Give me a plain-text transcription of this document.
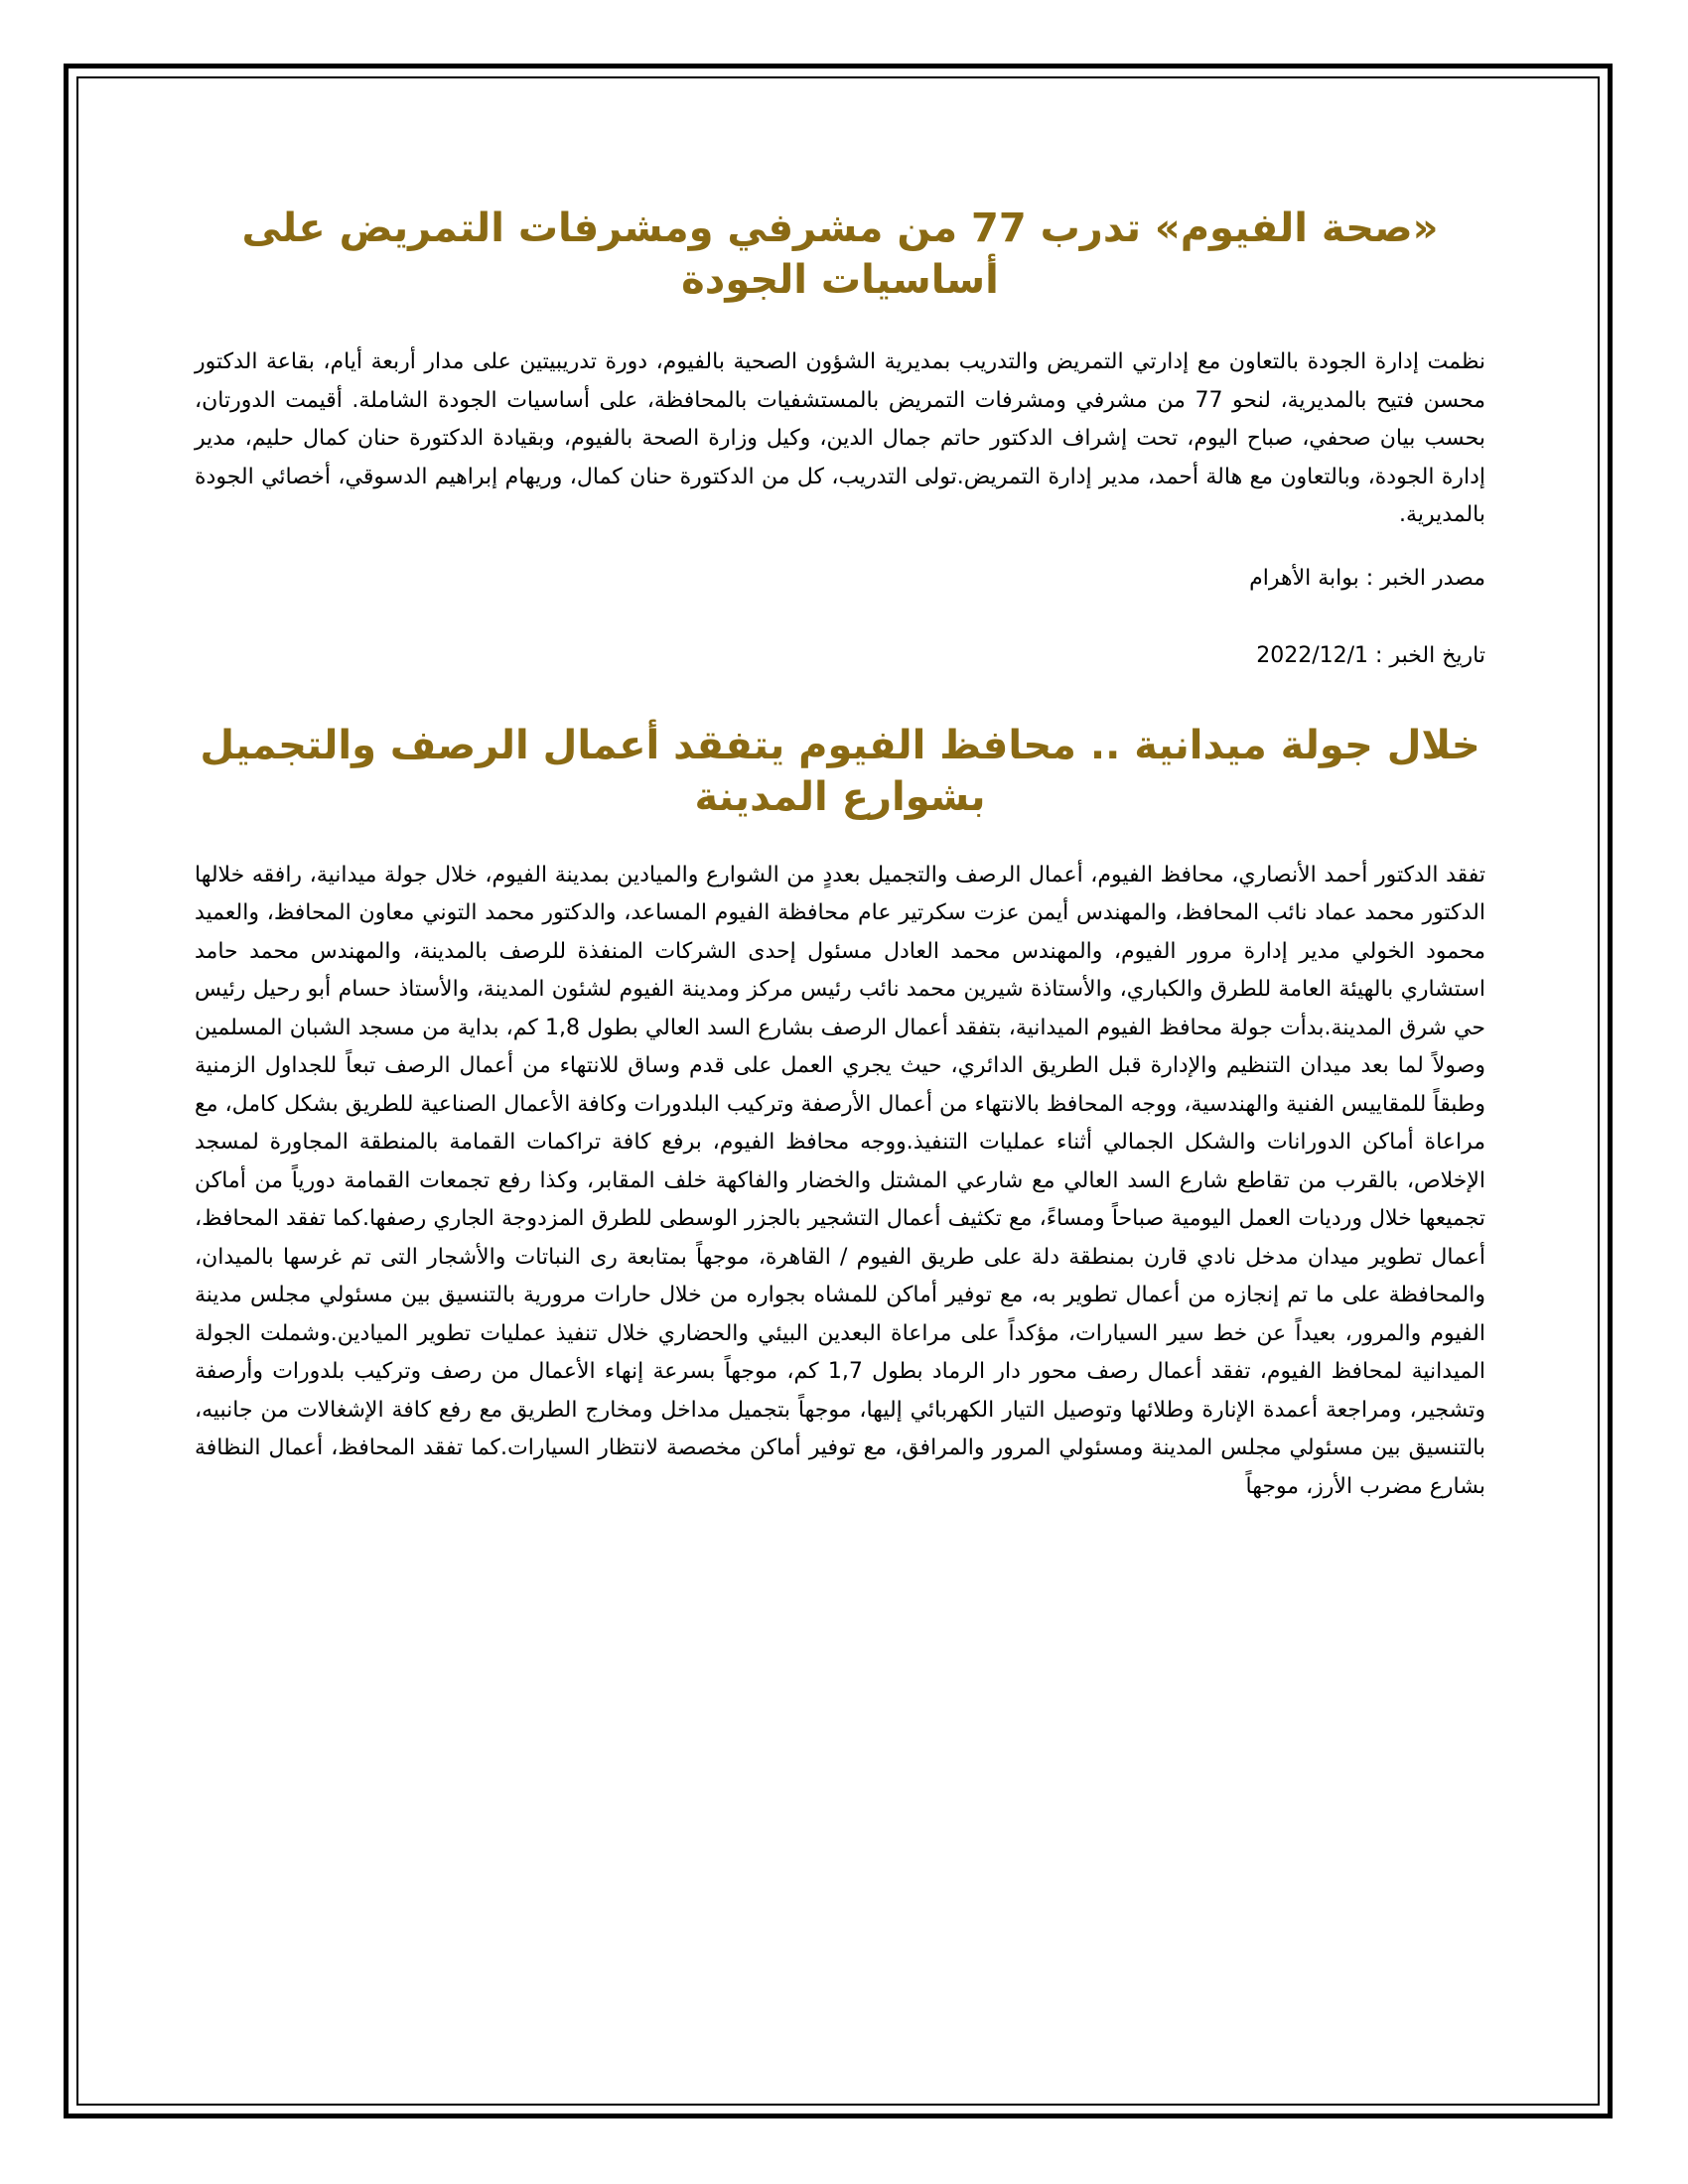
«صحة الفيوم» تدرب 77 من مشرفي ومشرفات التمريض على أساسيات الجودة

نظمت إدارة الجودة بالتعاون مع إدارتي التمريض والتدريب بمديرية الشؤون الصحية بالفيوم، دورة تدريبيتين على مدار أربعة أيام، بقاعة الدكتور محسن فتيح بالمديرية، لنحو 77 من مشرفي ومشرفات التمريض بالمستشفيات بالمحافظة، على أساسيات الجودة الشاملة. أقيمت الدورتان، بحسب بيان صحفي، صباح اليوم، تحت إشراف الدكتور حاتم جمال الدين، وكيل وزارة الصحة بالفيوم، وبقيادة الدكتورة حنان كمال حليم، مدير إدارة الجودة، وبالتعاون مع هالة أحمد، مدير إدارة التمريض.تولى التدريب، كل من الدكتورة حنان كمال، وريهام إبراهيم الدسوقي، أخصائي الجودة بالمديرية.

مصدر الخبر : بوابة الأهرام

تاريخ الخبر : 2022/12/1

خلال جولة ميدانية .. محافظ الفيوم يتفقد أعمال الرصف والتجميل بشوارع المدينة

تفقد الدكتور أحمد الأنصاري، محافظ الفيوم، أعمال الرصف والتجميل بعددٍ من الشوارع والميادين بمدينة الفيوم، خلال جولة ميدانية، رافقه خلالها الدكتور محمد عماد نائب المحافظ، والمهندس أيمن عزت سكرتير عام محافظة الفيوم المساعد، والدكتور محمد التوني معاون المحافظ، والعميد محمود الخولي مدير إدارة مرور الفيوم، والمهندس محمد العادل مسئول إحدى الشركات المنفذة للرصف بالمدينة، والمهندس محمد حامد استشاري بالهيئة العامة للطرق والكباري، والأستاذة شيرين محمد نائب رئيس مركز ومدينة الفيوم لشئون المدينة، والأستاذ حسام أبو رحيل رئيس حي شرق المدينة.بدأت جولة محافظ الفيوم الميدانية، بتفقد أعمال الرصف بشارع السد العالي بطول 1,8 كم، بداية من مسجد الشبان المسلمين وصولاً لما بعد ميدان التنظيم والإدارة قبل الطريق الدائري، حيث يجري العمل على قدم وساق للانتهاء من أعمال الرصف تبعاً للجداول الزمنية وطبقاً للمقاييس الفنية والهندسية، ووجه المحافظ بالانتهاء من أعمال الأرصفة وتركيب البلدورات وكافة الأعمال الصناعية للطريق بشكل كامل، مع مراعاة أماكن الدورانات والشكل الجمالي أثناء عمليات التنفيذ.ووجه محافظ الفيوم، برفع كافة تراكمات القمامة بالمنطقة المجاورة لمسجد الإخلاص، بالقرب من تقاطع شارع السد العالي مع شارعي المشتل والخضار والفاكهة خلف المقابر، وكذا رفع تجمعات القمامة دورياً من أماكن تجميعها خلال ورديات العمل اليومية صباحاً ومساءً، مع تكثيف أعمال التشجير بالجزر الوسطى للطرق المزدوجة الجاري رصفها.كما تفقد المحافظ، أعمال تطوير ميدان مدخل نادي قارن بمنطقة دلة على طريق الفيوم / القاهرة، موجهاً بمتابعة رى النباتات والأشجار التى تم غرسها بالميدان، والمحافظة على ما تم إنجازه من أعمال تطوير به، مع توفير أماكن للمشاه بجواره من خلال حارات مرورية بالتنسيق بين مسئولي مجلس مدينة الفيوم والمرور، بعيداً عن خط سير السيارات، مؤكداً على مراعاة البعدين البيئي والحضاري خلال تنفيذ عمليات تطوير الميادين.وشملت الجولة الميدانية لمحافظ الفيوم، تفقد أعمال رصف محور دار الرماد بطول 1,7 كم، موجهاً بسرعة إنهاء الأعمال من رصف وتركيب بلدورات وأرصفة وتشجير، ومراجعة أعمدة الإنارة وطلائها وتوصيل التيار الكهربائي إليها، موجهاً بتجميل مداخل ومخارج الطريق مع رفع كافة الإشغالات من جانبيه، بالتنسيق بين مسئولي مجلس المدينة ومسئولي المرور والمرافق، مع توفير أماكن مخصصة لانتظار السيارات.كما تفقد المحافظ، أعمال النظافة بشارع مضرب الأرز، موجهاً
